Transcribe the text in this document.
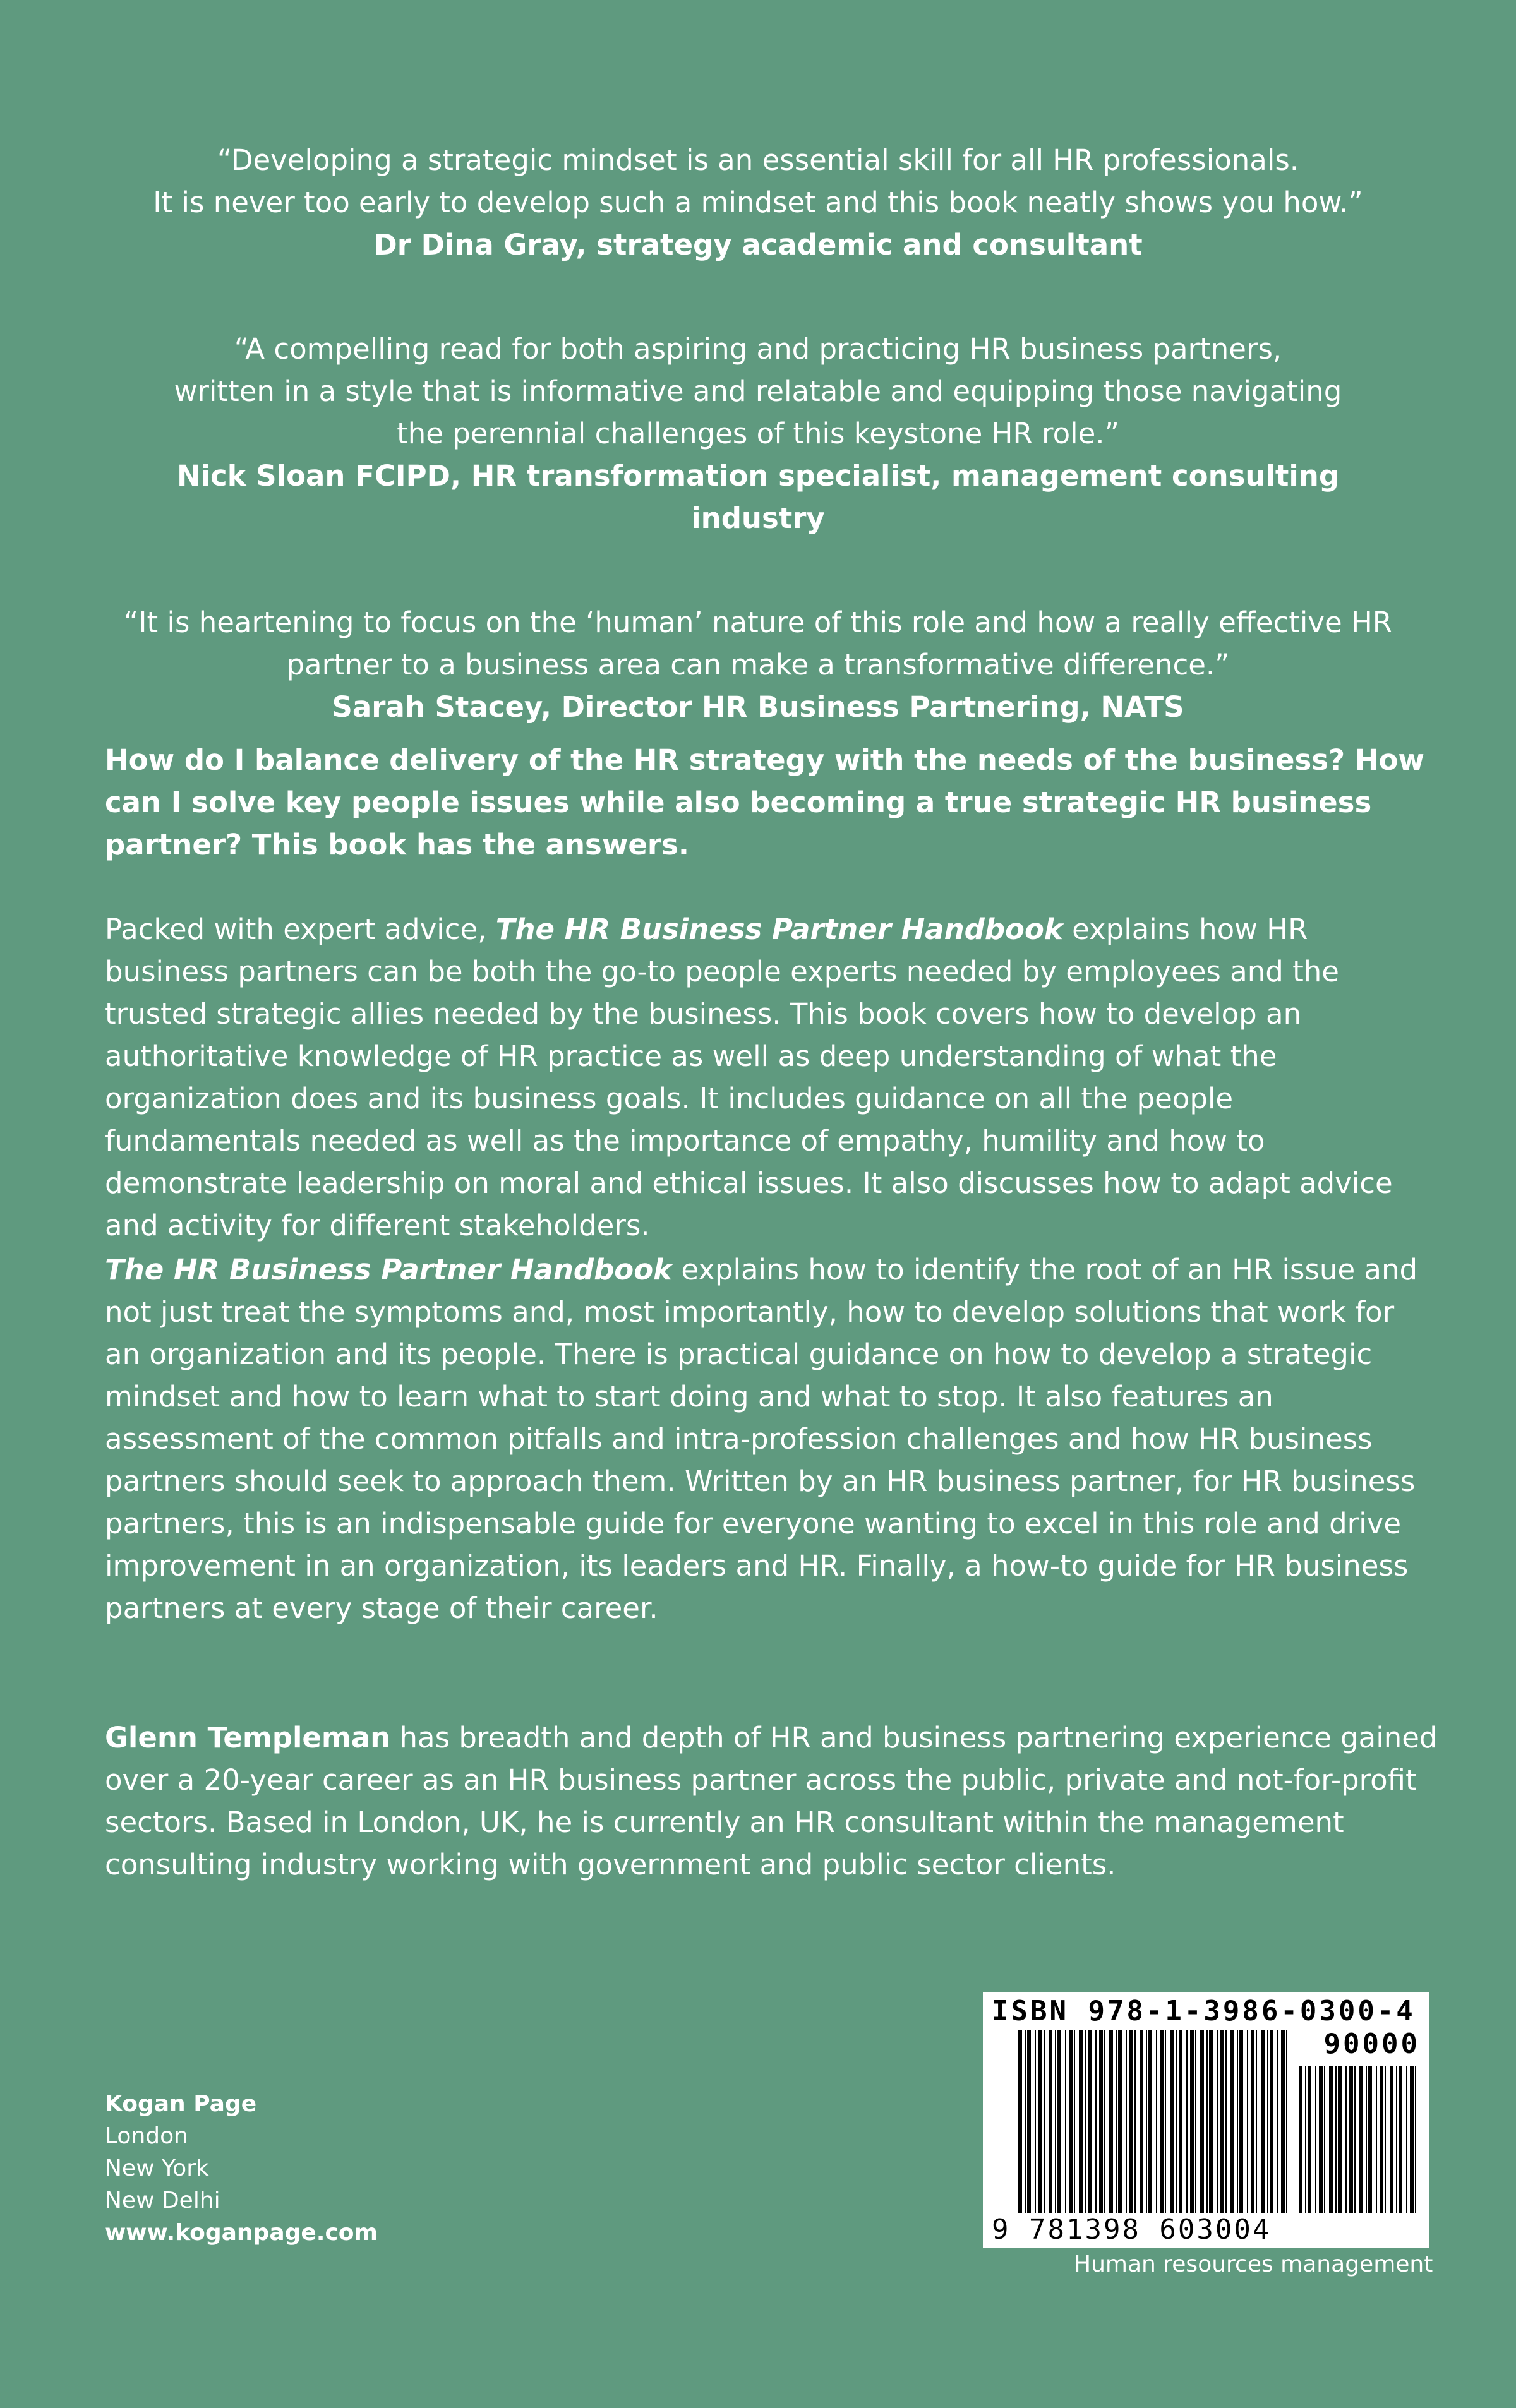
“Developing a strategic mindset is an essential skill for all HR professionals.
It is never too early to develop such a mindset and this book neatly shows you how.”

Dr Dina Gray, strategy academic and consultant

“A compelling read for both aspiring and practicing HR business partners,
written in a style that is informative and relatable and equipping those navigating
the perennial challenges of this keystone HR role.”

Nick Sloan FCIPD, HR transformation specialist, management consulting industry

“It is heartening to focus on the ‘human’ nature of this role and how a really effective HR
partner to a business area can make a transformative difference.”

Sarah Stacey, Director HR Business Partnering, NATS

How do I balance delivery of the HR strategy with the needs of the business? How can I solve key people issues while also becoming a true strategic HR business partner? This book has the answers.

Packed with expert advice, The HR Business Partner Handbook explains how HR business partners can be both the go-to people experts needed by employees and the trusted strategic allies needed by the business. This book covers how to develop an authoritative knowledge of HR practice as well as deep understanding of what the organization does and its business goals. It includes guidance on all the people fundamentals needed as well as the importance of empathy, humility and how to demonstrate leadership on moral and ethical issues. It also discusses how to adapt advice and activity for different stakeholders.

The HR Business Partner Handbook explains how to identify the root of an HR issue and not just treat the symptoms and, most importantly, how to develop solutions that work for an organization and its people. There is practical guidance on how to develop a strategic mindset and how to learn what to start doing and what to stop. It also features an assessment of the common pitfalls and intra-profession challenges and how HR business partners should seek to approach them. Written by an HR business partner, for HR business partners, this is an indispensable guide for everyone wanting to excel in this role and drive improvement in an organization, its leaders and HR. Finally, a how-to guide for HR business partners at every stage of their career.

Glenn Templeman has breadth and depth of HR and business partnering experience gained over a 20-year career as an HR business partner across the public, private and not-for-profit sectors. Based in London, UK, he is currently an HR consultant within the management consulting industry working with government and public sector clients.

Kogan Page
London
New York
New Delhi
www.koganpage.com
ISBN 978-1-3986-0300-4
90000
9 781398 603004

Human resources management
